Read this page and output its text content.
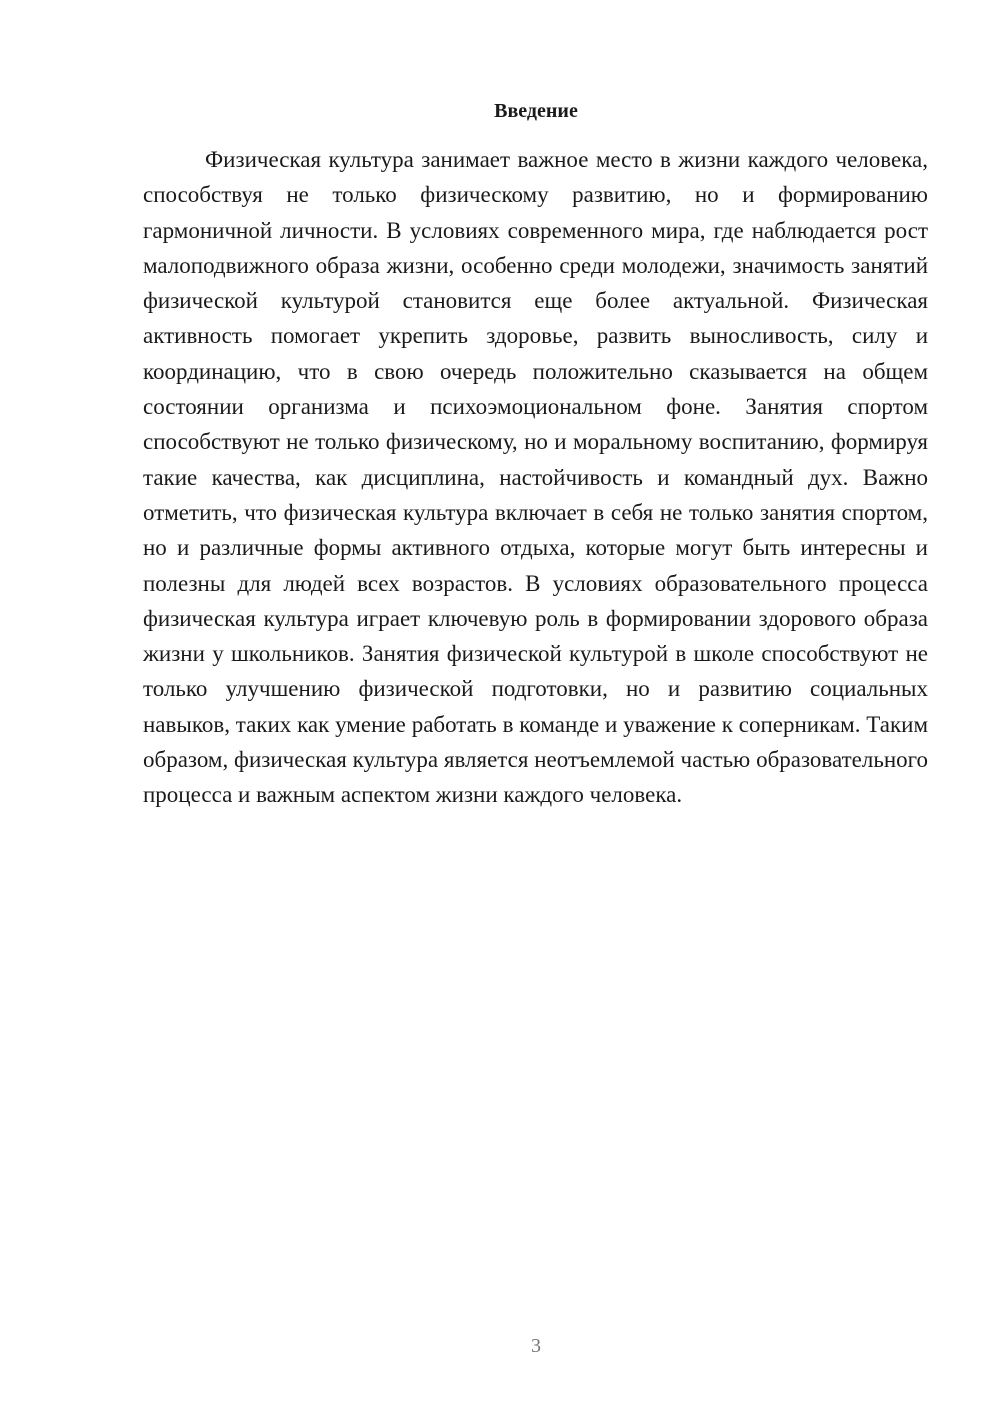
Введение

Физическая культура занимает важное место в жизни каждого человека, способствуя не только физическому развитию, но и формированию гармоничной личности. В условиях современного мира, где наблюдается рост малоподвижного образа жизни, особенно среди молодежи, значимость занятий физической культурой становится еще более актуальной. Физическая активность помогает укрепить здоровье, развить выносливость, силу и координацию, что в свою очередь положительно сказывается на общем состоянии организма и психоэмоциональном фоне. Занятия спортом способствуют не только физическому, но и моральному воспитанию, формируя такие качества, как дисциплина, настойчивость и командный дух. Важно отметить, что физическая культура включает в себя не только занятия спортом, но и различные формы активного отдыха, которые могут быть интересны и полезны для людей всех возрастов. В условиях образовательного процесса физическая культура играет ключевую роль в формировании здорового образа жизни у школьников. Занятия физической культурой в школе способствуют не только улучшению физической подготовки, но и развитию социальных навыков, таких как умение работать в команде и уважение к соперникам. Таким образом, физическая культура является неотъемлемой частью образовательного процесса и важным аспектом жизни каждого человека.

3
